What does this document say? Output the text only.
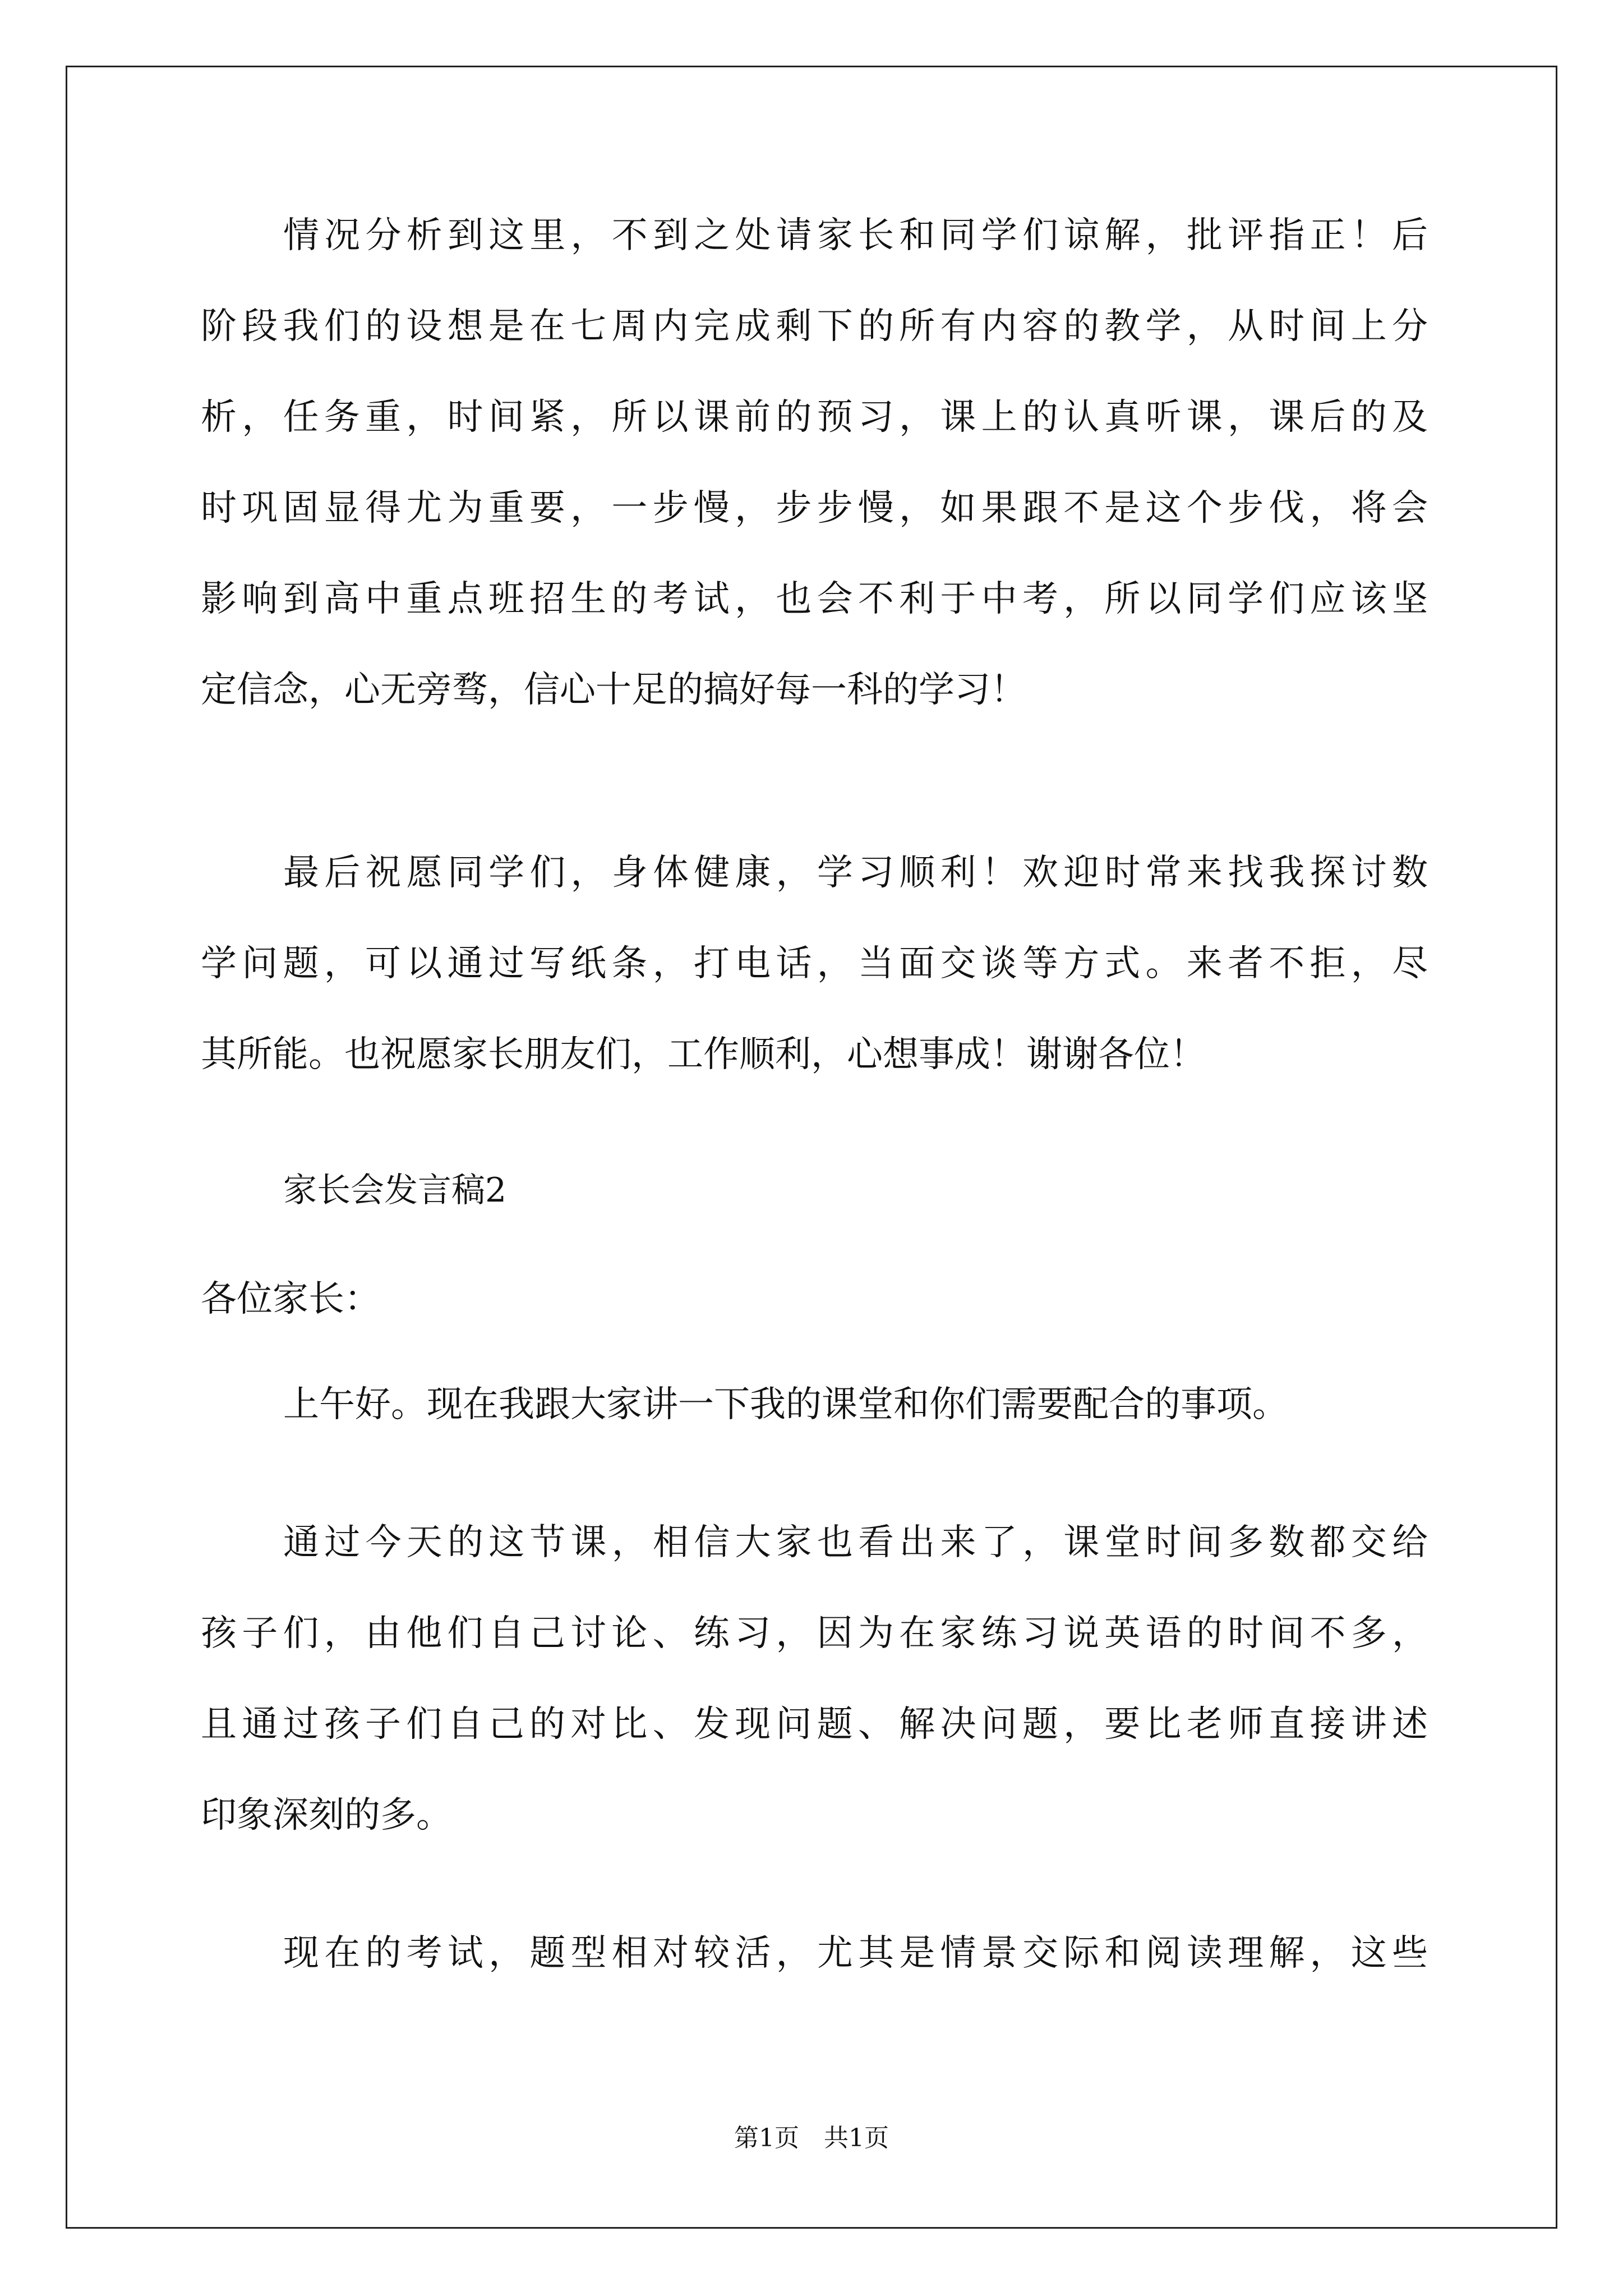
情况分析到这里，不到之处请家长和同学们谅解，批评指正！后
阶段我们的设想是在七周内完成剩下的所有内容的教学，从时间上分
析，任务重，时间紧，所以课前的预习，课上的认真听课，课后的及
时巩固显得尤为重要，一步慢，步步慢，如果跟不是这个步伐，将会
影响到高中重点班招生的考试，也会不利于中考，所以同学们应该坚
定信念，心无旁骛，信心十足的搞好每一科的学习！
最后祝愿同学们，身体健康，学习顺利！欢迎时常来找我探讨数
学问题，可以通过写纸条，打电话，当面交谈等方式。来者不拒，尽
其所能。也祝愿家长朋友们，工作顺利，心想事成！谢谢各位！
家长会发言稿2
各位家长：
上午好。现在我跟大家讲一下我的课堂和你们需要配合的事项。
通过今天的这节课，相信大家也看出来了，课堂时间多数都交给
孩子们，由他们自己讨论、练习，因为在家练习说英语的时间不多，
且通过孩子们自己的对比、发现问题、解决问题，要比老师直接讲述
印象深刻的多。
现在的考试，题型相对较活，尤其是情景交际和阅读理解，这些
第1页　共1页
